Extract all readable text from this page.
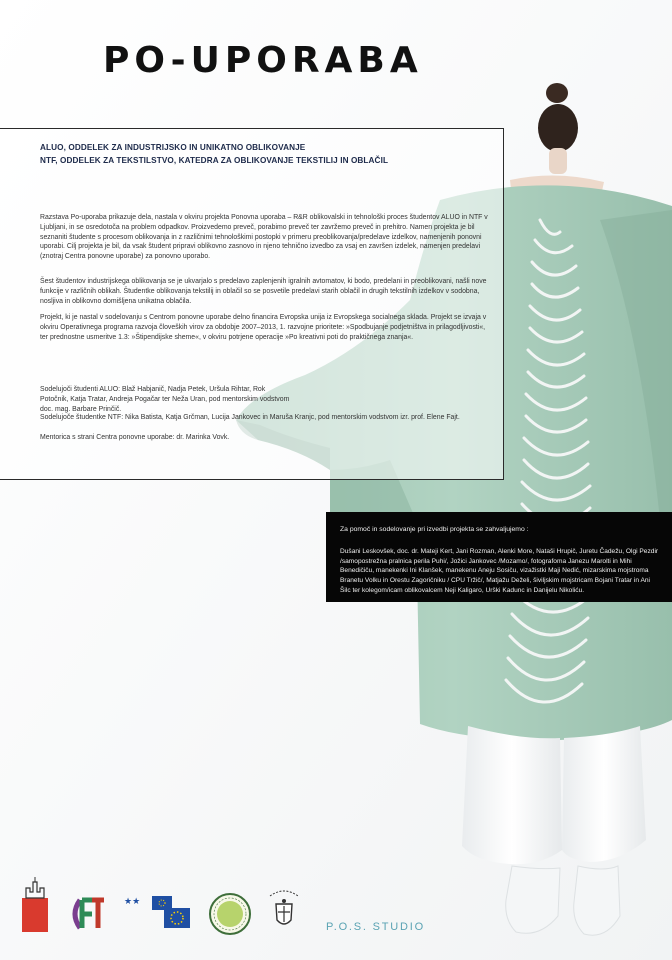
PO-UPORABA

ALUO, ODDELEK ZA INDUSTRIJSKO IN UNIKATNO OBLIKOVANJE

NTF, ODDELEK ZA TEKSTILSTVO, KATEDRA ZA OBLIKOVANJE TEKSTILIJ IN OBLAČIL

Razstava Po-uporaba prikazuje dela, nastala v okviru projekta Ponovna uporaba – R&R oblikovalski in tehnološki proces študentov ALUO in NTF v Ljubljani, in se osredotoča na problem odpadkov. Proizvedemo preveč, porabimo preveč ter zavržemo preveč in prehitro. Namen projekta je bil seznaniti študente s procesom oblikovanja in z različnimi tehnološkimi postopki v primeru preoblikovanja/predelave izdelkov, namenjenih ponovni uporabi. Cilj projekta je bil, da vsak študent pripravi oblikovno zasnovo in njeno tehnično izvedbo za vsaj en završen izdelek, namenjen predelavi (znotraj Centra ponovne uporabe) za ponovno uporabo.

Šest študentov industrijskega oblikovanja se je ukvarjalo s predelavo zaplenjenih igralnih avtomatov, ki bodo, predelani in preoblikovani, našli nove funkcije v različnih oblikah. Študentke oblikovanja tekstilij in oblačil so se posvetile predelavi starih oblačil in drugih tekstilnih izdelkov v sodobna, nosljiva in oblikovno domišljena unikatna oblačila.

Projekt, ki je nastal v sodelovanju s Centrom ponovne uporabe delno financira Evropska unija iz Evropskega socialnega sklada. Projekt se izvaja v okviru Operativnega programa razvoja človeških virov za obdobje 2007–2013, 1. razvojne prioritete: »Spodbujanje podjetništva in prilagodljivosti«, ter prednostne usmeritve 1.3: »Štipendijske sheme«, v okviru potrjene operacije »Po kreativni poti do praktičnega znanja«.

Sodelujoči študenti ALUO: Blaž Habjanič, Nadja Petek, Uršula Rihtar, Rok Potočnik, Katja Tratar, Andreja Pogačar ter Neža Uran, pod mentorskim vodstvom doc. mag. Barbare Prinčič.

Sodelujoče študentke NTF: Nika Batista, Katja Grčman, Lucija Jankovec in Maruša Kranjc, pod mentorskim vodstvom izr. prof. Elene Fajt.

Mentorica s strani Centra ponovne uporabe: dr. Marinka Vovk.

Za pomoč in sodelovanje pri izvedbi projekta se zahvaljujemo :

Dušani Leskovšek, doc. dr. Mateji Kert, Jani Rozman, Alenki More, Nataši Hrupič, Juretu Čadežu, Olgi Pezdir /samopostrežna pralnica perila Puhi/, Jožici Jankovec /Mozamo/, fotografoma Janezu Marolti in Mihi Benedičiču, manekenki Ini Klanšek, manekenu Aneju Sosiču, vizažistki Maji Nedić, mizarskima mojstroma Branetu Volku in Orestu Zagoričniku / CPU Tržič/, Matjažu Deželi, šiviljskim mojstricam Bojani Tratar in Ani Šilc ter kolegom/icam oblikovalcem Neji Kaligaro, Urški Kadunc in Danijelu Nikoliću.

★★

P.O.S. STUDIO
